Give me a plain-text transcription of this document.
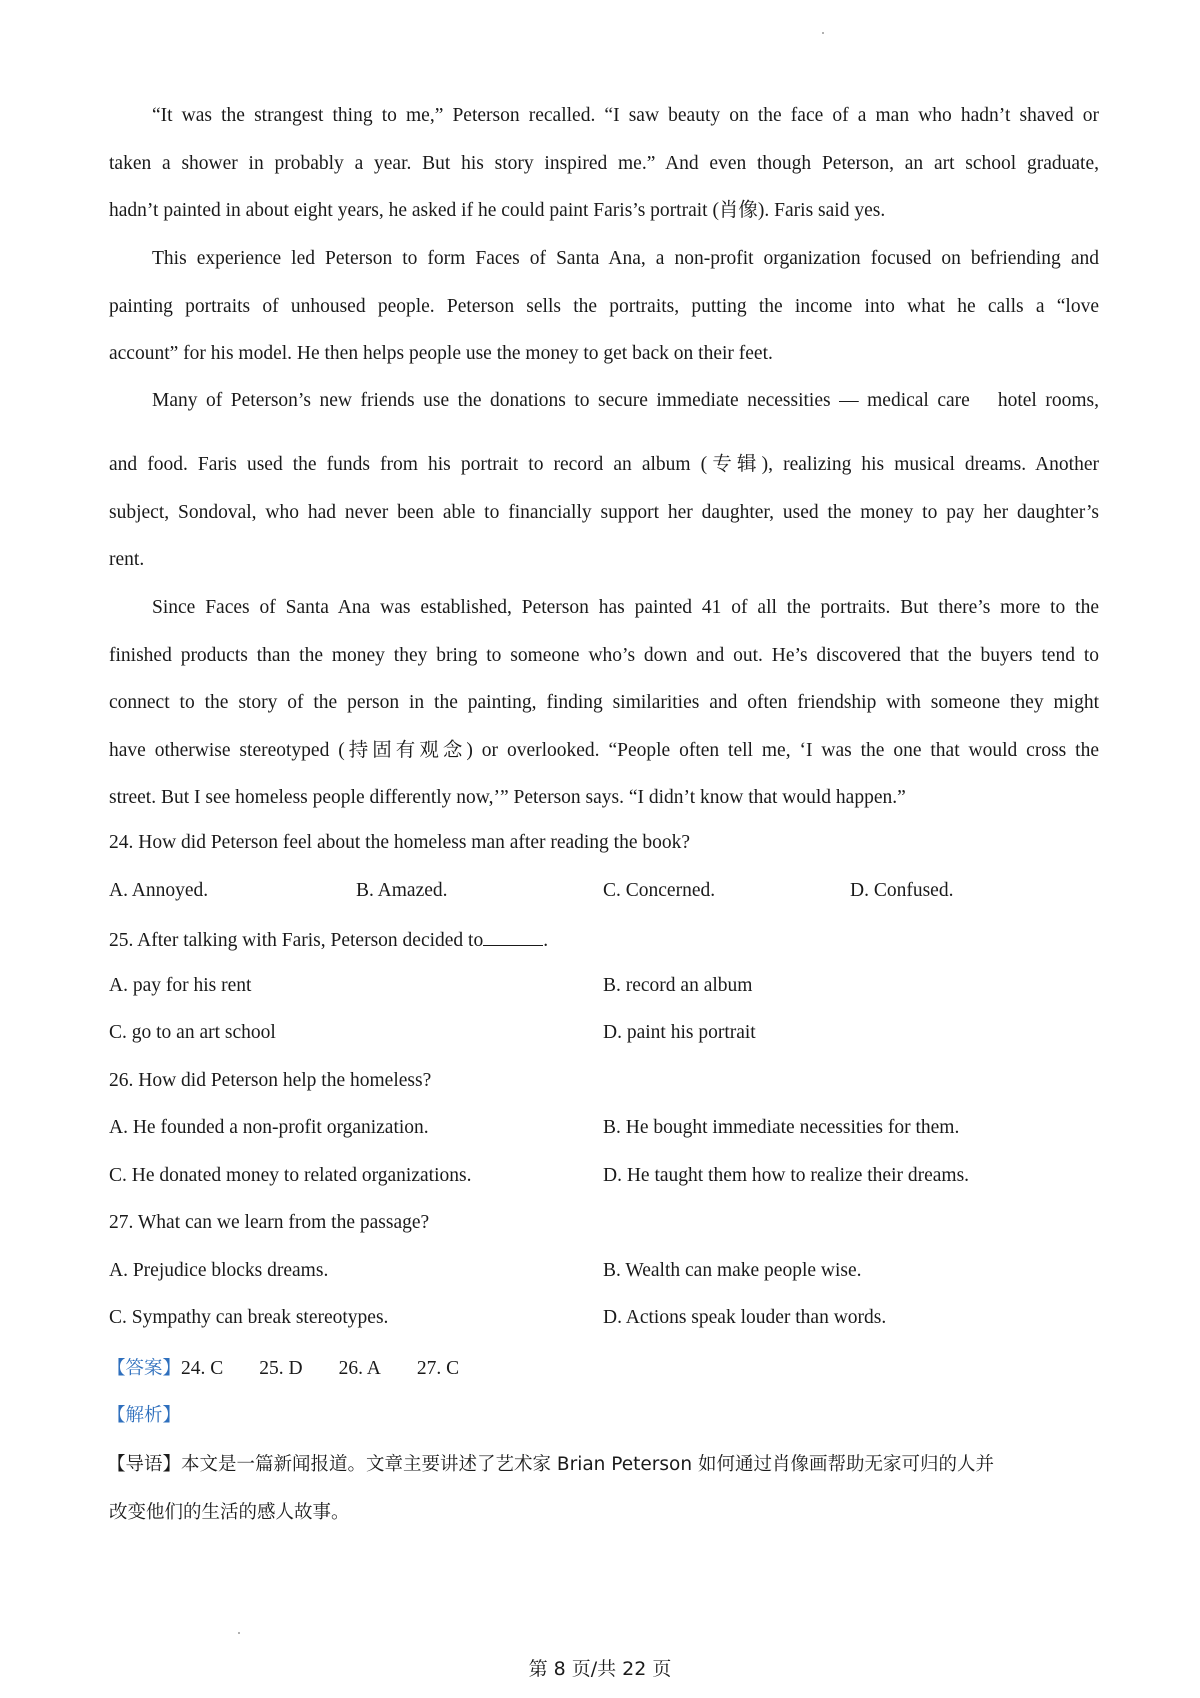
“It was the strangest thing to me,” Peterson recalled. “I saw beauty on the face of a man who hadn’t shaved or
taken a shower in probably a year. But his story inspired me.” And even though Peterson, an art school graduate,
hadn’t painted in about eight years, he asked if he could paint Faris’s portrait (肖像). Faris said yes.
This experience led Peterson to form Faces of Santa Ana, a non-profit organization focused on befriending and
painting portraits of unhoused people. Peterson sells the portraits, putting the income into what he calls a “love
account” for his model. He then helps people use the money to get back on their feet.
Many of Peterson’s new friends use the donations to secure immediate necessities — medical care  hotel rooms,
and food. Faris used the funds from his portrait to record an album (专辑), realizing his musical dreams. Another
subject, Sondoval, who had never been able to financially support her daughter, used the money to pay her daughter’s
rent.
Since Faces of Santa Ana was established, Peterson has painted 41 of all the portraits. But there’s more to the
finished products than the money they bring to someone who’s down and out. He’s discovered that the buyers tend to
connect to the story of the person in the painting, finding similarities and often friendship with someone they might
have otherwise stereotyped (持固有观念) or overlooked. “People often tell me, ‘I was the one that would cross the
street. But I see homeless people differently now,’” Peterson says. “I didn’t know that would happen.”

24. How did Peterson feel about the homeless man after reading the book?

A. Annoyed.	B. Amazed.	C. Concerned.	D. Confused.

25. After talking with Faris, Peterson decided to	.

A. pay for his rent	B. record an album

C. go to an art school	D. paint his portrait

26. How did Peterson help the homeless?

A. He founded a non-profit organization.	B. He bought immediate necessities for them.

C. He donated money to related organizations.	D. He taught them how to realize their dreams.

27. What can we learn from the passage?

A. Prejudice blocks dreams.	B. Wealth can make people wise.

C. Sympathy can break stereotypes.	D. Actions speak louder than words.

【答案】24. C 25. D 26. A 27. C

【解析】

【导语】本文是一篇新闻报道。文章主要讲述了艺术家 Brian Peterson 如何通过肖像画帮助无家可归的人并

改变他们的生活的感人故事。

第 8 页/共 22 页
